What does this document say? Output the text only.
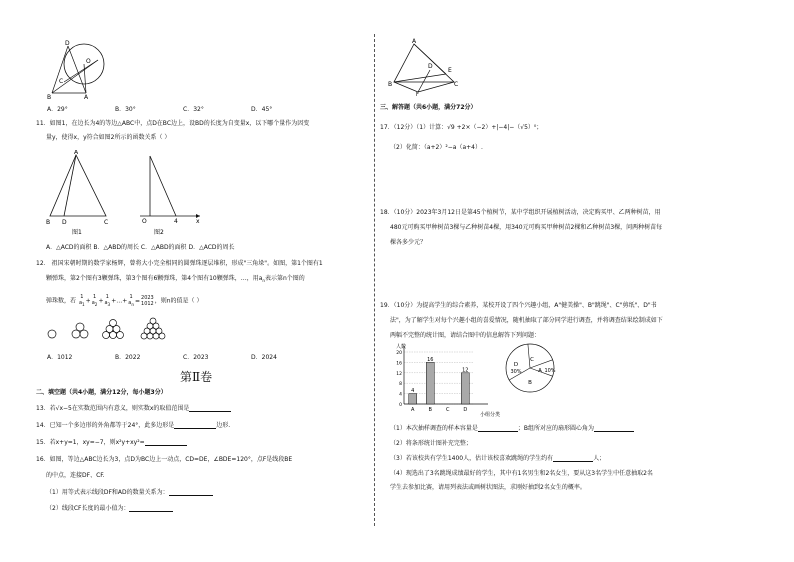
D
O
C
B	A
A．29°	B．30°	C．32°	D．45°
11．如图1，在边长为4的等边△ABC中，点D在BC边上，设BD的长度为自变量x，以下哪个量作为因变
量y，使得x，y符合如图2所示的函数关系（ ）
A
B D	C
图1
O	4	x
图2
A．△ACD的面积 B．△ABD的周长 C．△ABD的面积 D．△ACD的周长
12． 祖国宋朝时期的数学家杨辉，曾将大小完全相同的圆弹珠逐层堆积，形成"三角垛"。如图，第1个图有1
颗弹珠，第2个图有3颗弹珠，第3个图有6颗弹珠，第4个图有10颗弹珠，…，用$a_n$表示第n个图的
弹珠数，若 1
$a_1+1$
$a_2+1$
$a_3+\dots+1$
$a_n=2023$
1012，则n的值是（ ）
A．1012	B．2022	C．2023	D．2024
第Ⅱ卷
二、填空题（共4小题，满分12分，每小题3分）
13．若√x−5在实数范围内有意义，则实数x的取值范围是
14．已知一个多边形的外角都等于24°，此多边形是	边形.
15．若x+y=1，xy=−7，则x²y+xy²=
16．如图，等边△ABC边长为3，点D为BC边上一动点，CD=DE，∠BDE=120°，点F是线段BE
的中点，连接DF、CF.
（1）用等式表示线段DF和AD的数量关系为：
（2）线段CF长度的最小值为：
A
B	C
D
E
F
三、解答题（共6小题，满分72分）
17．（12分）（1）计算：√9 +2×（−2）+|−4|−（√5）⁰；
（2）化简：（a+2）²−a（a+4）.
18．（10分）2023年3月12日是第45个植树节，某中学组织开展植树活动，决定购买甲、乙两种树苗，用
480元可购买甲种树苗3棵与乙种树苗4棵，用340元可购买甲种树苗2棵和乙种树苗3棵，问两种树苗每
棵各多少元？
19．（10分）为提高学生的综合素养，某校开设了四个兴趣小组，A"健美操"、B"跳绳"、C"剪纸"、D"书
法"，为了解学生对每个兴趣小组的喜爱情况，随机抽取了部分同学进行调查，并将调查结果绘制成如下
两幅不完整的统计图，请结合图中的信息解答下列问题：
人数
小组分类
0
4
8
12
16
20
4
A
16
B	C
12
D
C
D
30%	A 10%
B
（1）本次抽样调查的样本容量是	；B组所对应的扇形圆心角为
（2）将条形统计图补充完整；
（3）若该校共有学生1400人，估计该校喜欢跳绳的学生约有	人；
（4）现选出了3名跳绳成绩最好的学生，其中有1名男生和2名女生，要从这3名学生中任意抽取2名
学生去参加比赛，请用列表法或画树状图法，求刚好抽到2名女生的概率。
